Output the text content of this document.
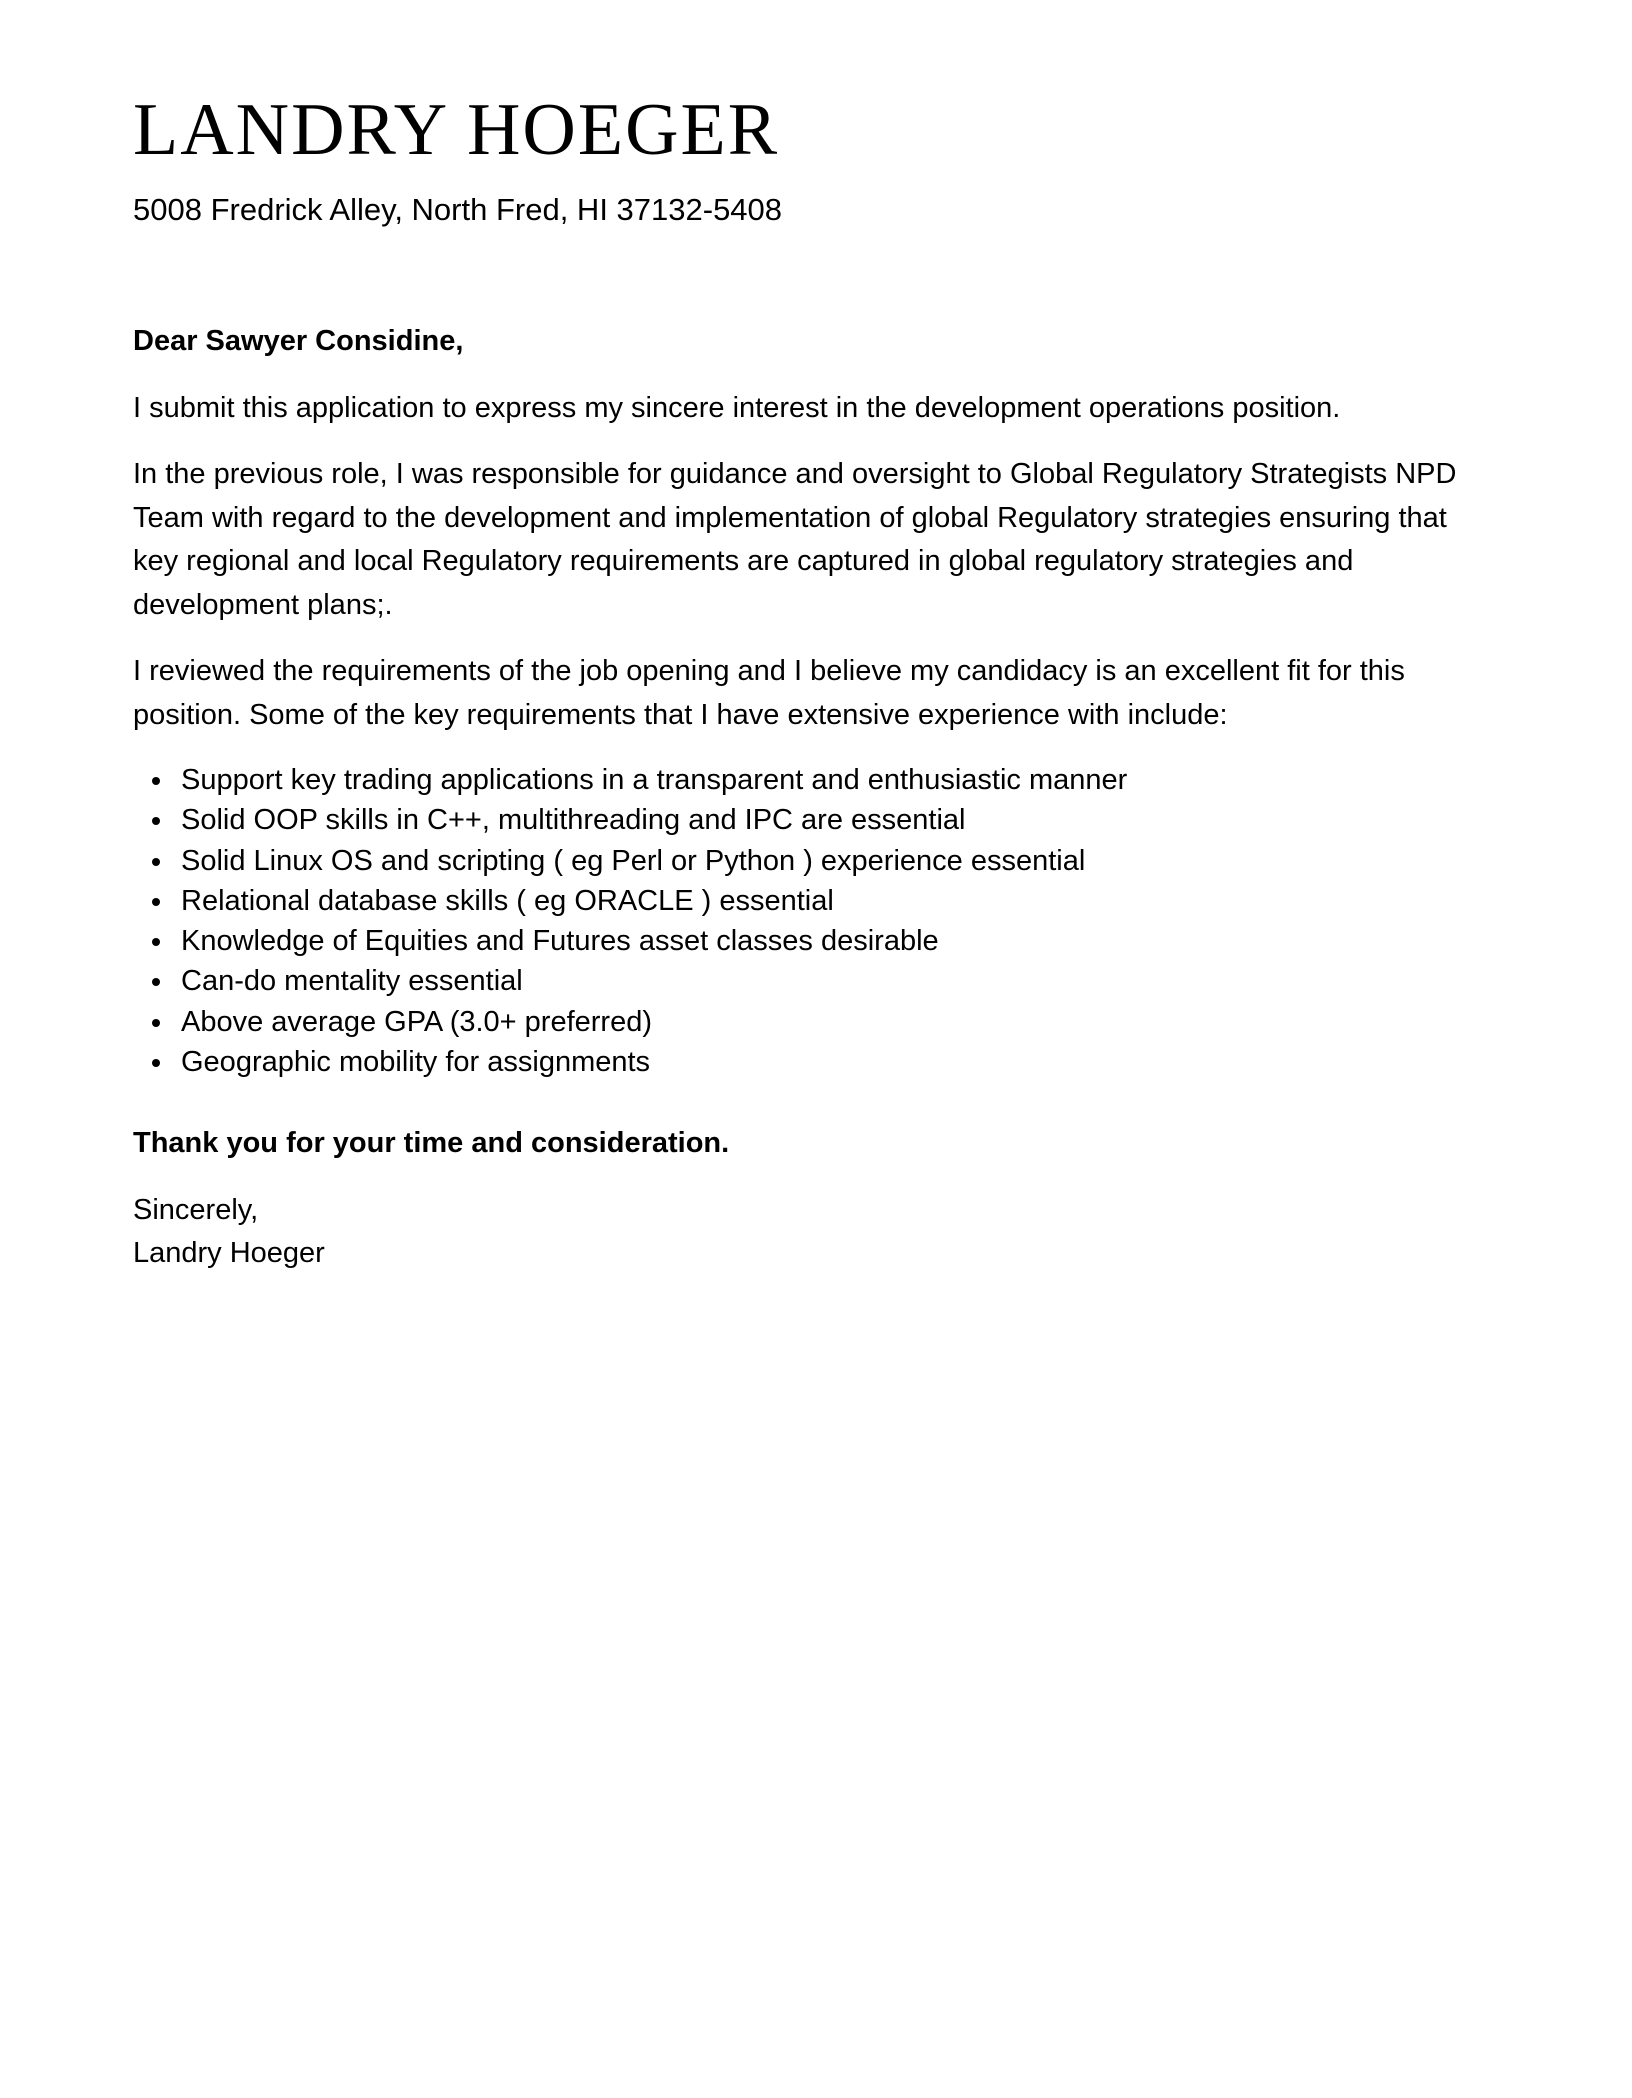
LANDRY HOEGER
5008 Fredrick Alley, North Fred, HI 37132-5408

Dear Sawyer Considine,

I submit this application to express my sincere interest in the development operations position.

In the previous role, I was responsible for guidance and oversight to Global Regulatory Strategists NPD Team with regard to the development and implementation of global Regulatory strategies ensuring that key regional and local Regulatory requirements are captured in global regulatory strategies and development plans;.

I reviewed the requirements of the job opening and I believe my candidacy is an excellent fit for this position. Some of the key requirements that I have extensive experience with include:

Support key trading applications in a transparent and enthusiastic manner
Solid OOP skills in C++, multithreading and IPC are essential
Solid Linux OS and scripting ( eg Perl or Python ) experience essential
Relational database skills ( eg ORACLE ) essential
Knowledge of Equities and Futures asset classes desirable
Can-do mentality essential
Above average GPA (3.0+ preferred)
Geographic mobility for assignments

Thank you for your time and consideration.

Sincerely,
Landry Hoeger
